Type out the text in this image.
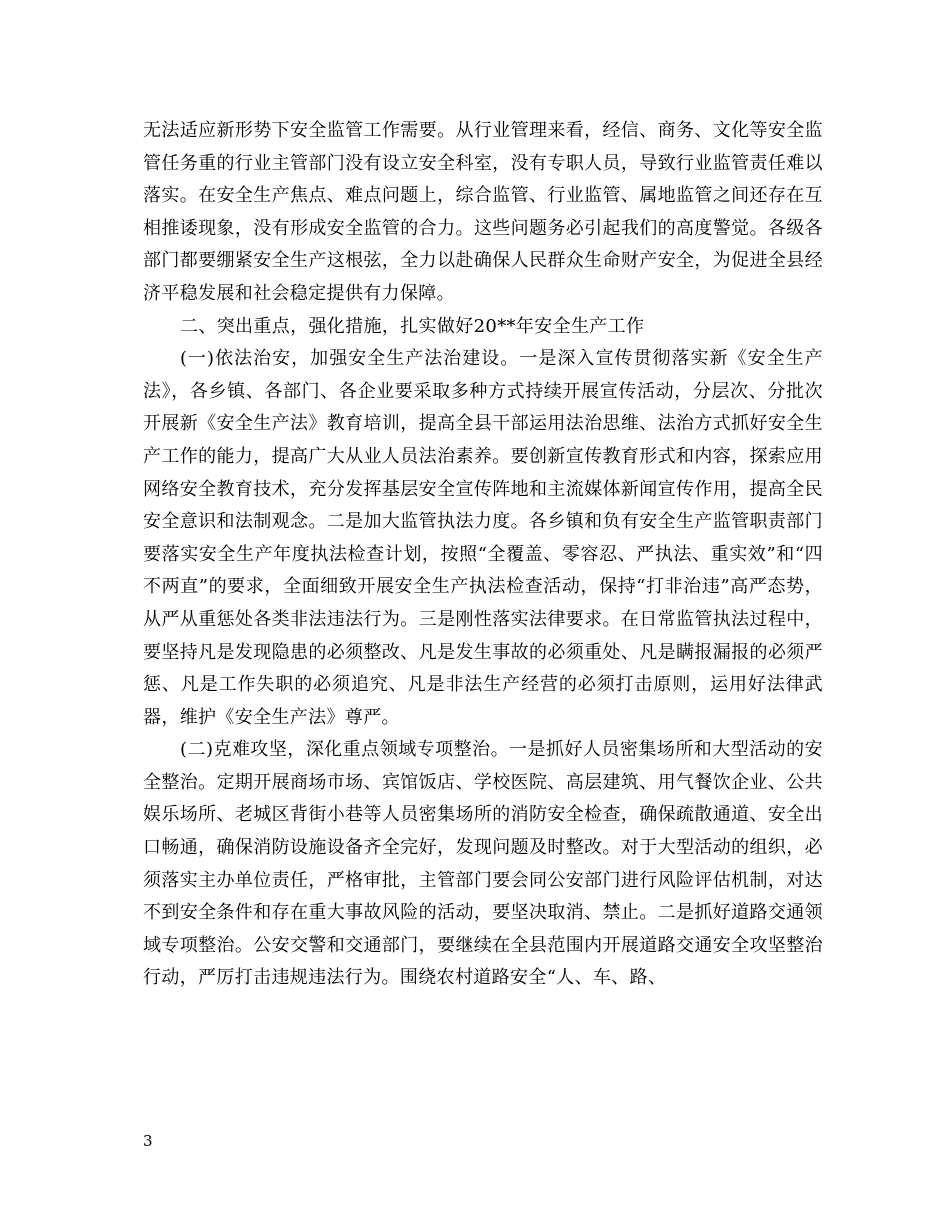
无法适应新形势下安全监管工作需要。从行业管理来看，经信、商务、文化等安全监管任务重的行业主管部门没有设立安全科室，没有专职人员，导致行业监管责任难以落实。在安全生产焦点、难点问题上，综合监管、行业监管、属地监管之间还存在互相推诿现象，没有形成安全监管的合力。这些问题务必引起我们的高度警觉。各级各部门都要绷紧安全生产这根弦，全力以赴确保人民群众生命财产安全，为促进全县经济平稳发展和社会稳定提供有力保障。

二、突出重点，强化措施，扎实做好20**年安全生产工作

(一)依法治安，加强安全生产法治建设。一是深入宣传贯彻落实新《安全生产法》，各乡镇、各部门、各企业要采取多种方式持续开展宣传活动，分层次、分批次开展新《安全生产法》教育培训，提高全县干部运用法治思维、法治方式抓好安全生产工作的能力，提高广大从业人员法治素养。要创新宣传教育形式和内容，探索应用网络安全教育技术，充分发挥基层安全宣传阵地和主流媒体新闻宣传作用，提高全民安全意识和法制观念。二是加大监管执法力度。各乡镇和负有安全生产监管职责部门要落实安全生产年度执法检查计划，按照“全覆盖、零容忍、严执法、重实效”和“四不两直”的要求，全面细致开展安全生产执法检查活动，保持“打非治违”高严态势，从严从重惩处各类非法违法行为。三是刚性落实法律要求。在日常监管执法过程中，要坚持凡是发现隐患的必须整改、凡是发生事故的必须重处、凡是瞒报漏报的必须严惩、凡是工作失职的必须追究、凡是非法生产经营的必须打击原则，运用好法律武器，维护《安全生产法》尊严。

(二)克难攻坚，深化重点领域专项整治。一是抓好人员密集场所和大型活动的安全整治。定期开展商场市场、宾馆饭店、学校医院、高层建筑、用气餐饮企业、公共娱乐场所、老城区背街小巷等人员密集场所的消防安全检查，确保疏散通道、安全出口畅通，确保消防设施设备齐全完好，发现问题及时整改。对于大型活动的组织，必须落实主办单位责任，严格审批，主管部门要会同公安部门进行风险评估机制，对达不到安全条件和存在重大事故风险的活动，要坚决取消、禁止。二是抓好道路交通领域专项整治。公安交警和交通部门，要继续在全县范围内开展道路交通安全攻坚整治行动，严厉打击违规违法行为。围绕农村道路安全“人、车、路、

3
